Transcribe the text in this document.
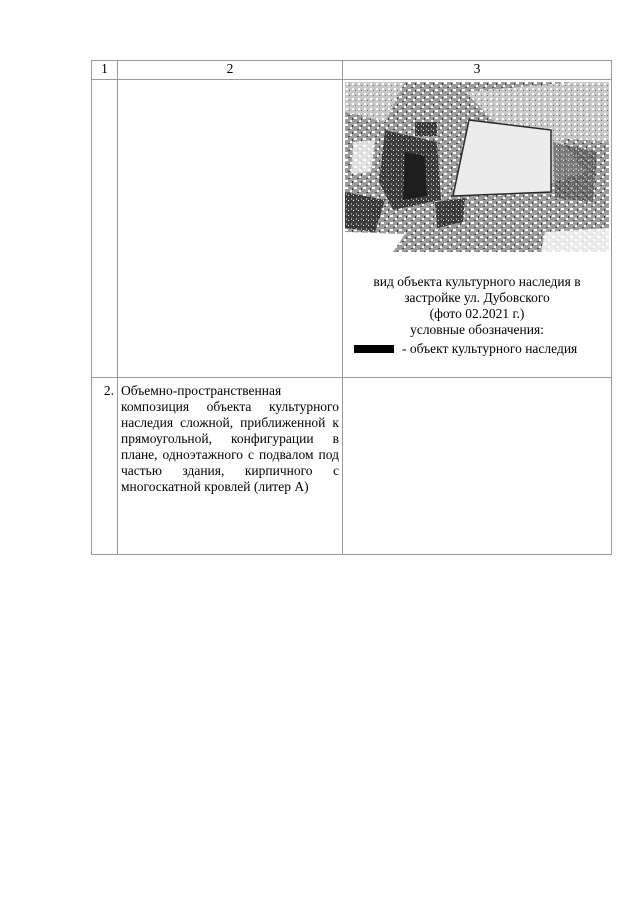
1	2	3

		вид объекта культурного наследия в
застройке ул. Дубовского
(фото 02.2021 г.)
условные обозначения:
- объект культурного наследия

2.	Объемно-пространственная композиция объекта культурного наследия сложной, приближенной к прямоугольной, конфигурации в плане, одноэтажного с подвалом под частью здания, кирпичного с многоскатной кровлей (литер А)	
